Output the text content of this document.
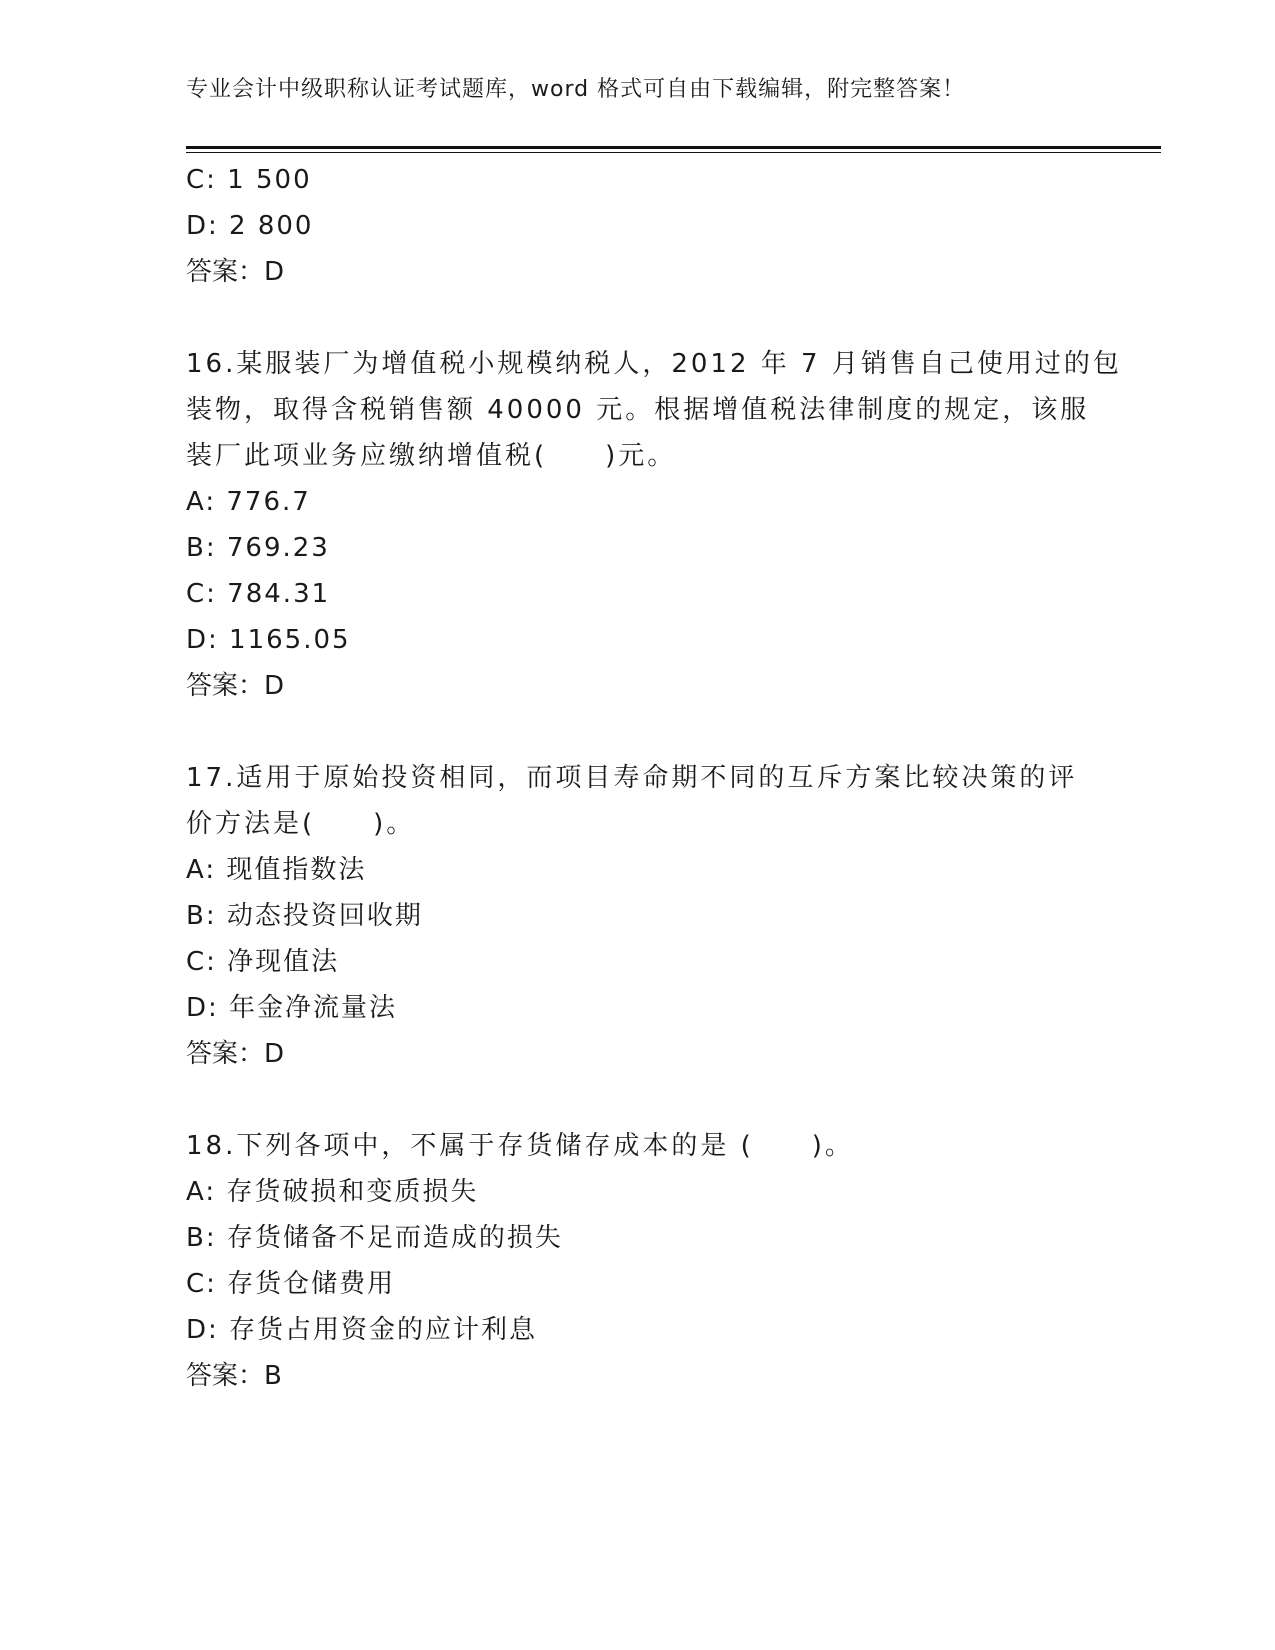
专业会计中级职称认证考试题库，word 格式可自由下载编辑，附完整答案！
C: 1 500
D: 2 800
答案：D
16.某服装厂为增值税小规模纳税人，2012 年 7 月销售自己使用过的包
装物，取得含税销售额 40000 元。根据增值税法律制度的规定，该服
装厂此项业务应缴纳增值税(　　)元。
A: 776.7
B: 769.23
C: 784.31
D: 1165.05
答案：D
17.适用于原始投资相同，而项目寿命期不同的互斥方案比较决策的评
价方法是(　　)。
A: 现值指数法
B: 动态投资回收期
C: 净现值法
D: 年金净流量法
答案：D
18.下列各项中，不属于存货储存成本的是 (　　)。
A: 存货破损和变质损失
B: 存货储备不足而造成的损失
C: 存货仓储费用
D: 存货占用资金的应计利息
答案：B
